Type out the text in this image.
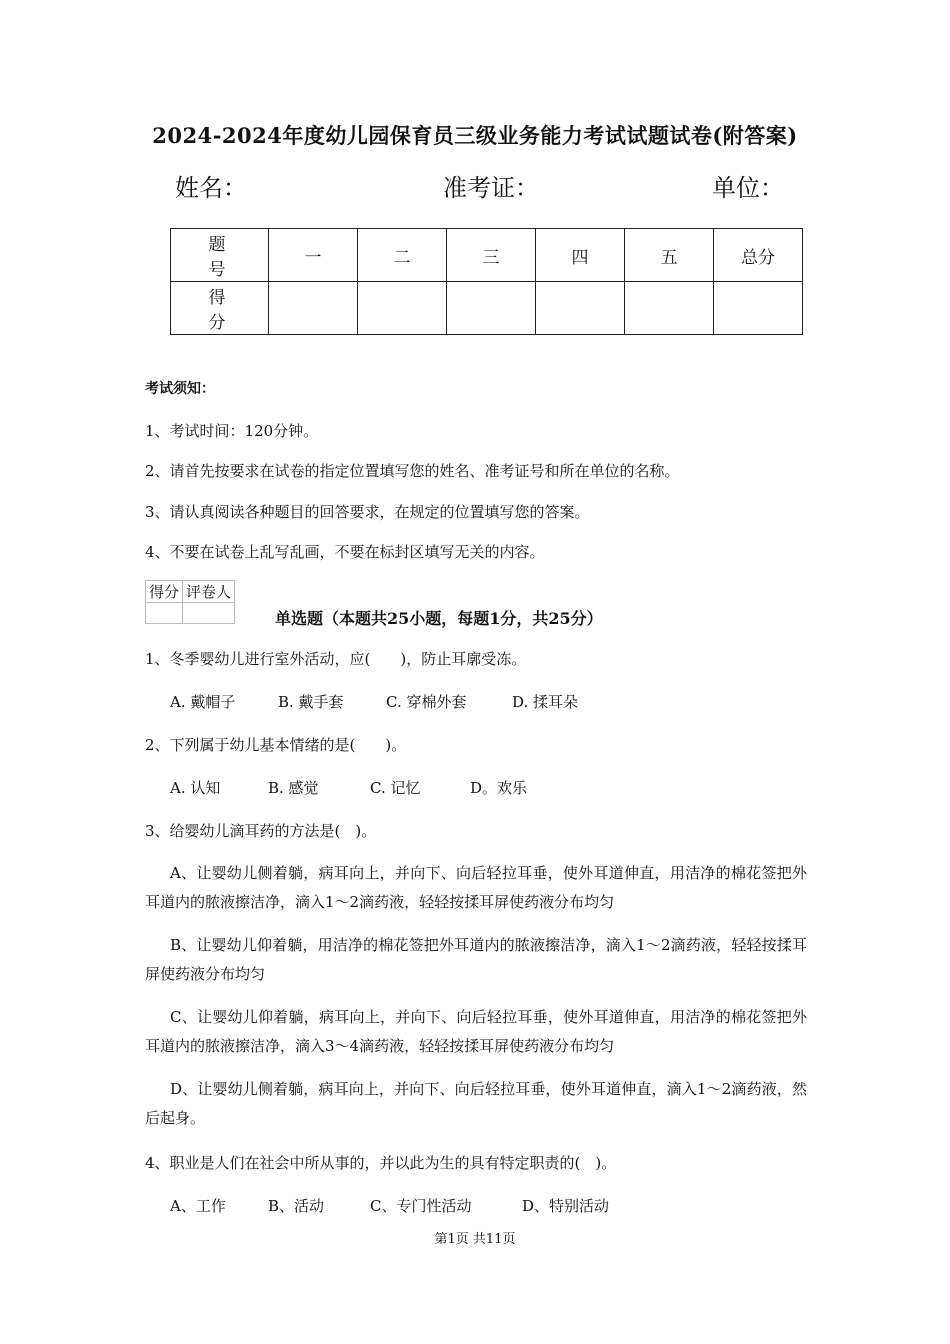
2024-2024年度幼儿园保育员三级业务能力考试试题试卷(附答案)
姓名：	准考证：	单位：
题　号	一	二	三	四	五	总分
得　分						
考试须知：
1、考试时间：120分钟。
2、请首先按要求在试卷的指定位置填写您的姓名、准考证号和所在单位的名称。
3、请认真阅读各种题目的回答要求，在规定的位置填写您的答案。
4、不要在试卷上乱写乱画，不要在标封区填写无关的内容。
得分	评卷人

单选题（本题共25小题，每题1分，共25分）
1、冬季婴幼儿进行室外活动，应(　　)，防止耳廓受冻。
A. 戴帽子	B. 戴手套	C. 穿棉外套	D. 揉耳朵
2、下列属于幼儿基本情绪的是(　　)。
A. 认知	B. 感觉	C. 记忆	D。欢乐
3、给婴幼儿滴耳药的方法是(　)。
A、让婴幼儿侧着躺，病耳向上，并向下、向后轻拉耳垂，使外耳道伸直，用洁净的棉花签把外耳道内的脓液擦洁净，滴入1～2滴药液，轻轻按揉耳屏使药液分布均匀
B、让婴幼儿仰着躺，用洁净的棉花签把外耳道内的脓液擦洁净，滴入1～2滴药液，轻轻按揉耳屏使药液分布均匀
C、让婴幼儿仰着躺，病耳向上，并向下、向后轻拉耳垂，使外耳道伸直，用洁净的棉花签把外耳道内的脓液擦洁净，滴入3～4滴药液，轻轻按揉耳屏使药液分布均匀
D、让婴幼儿侧着躺，病耳向上，并向下、向后轻拉耳垂，使外耳道伸直，滴入1～2滴药液，然后起身。
4、职业是人们在社会中所从事的，并以此为生的具有特定职责的(　)。
A、工作	B、活动	C、专门性活动	D、特别活动
第1页 共11页
